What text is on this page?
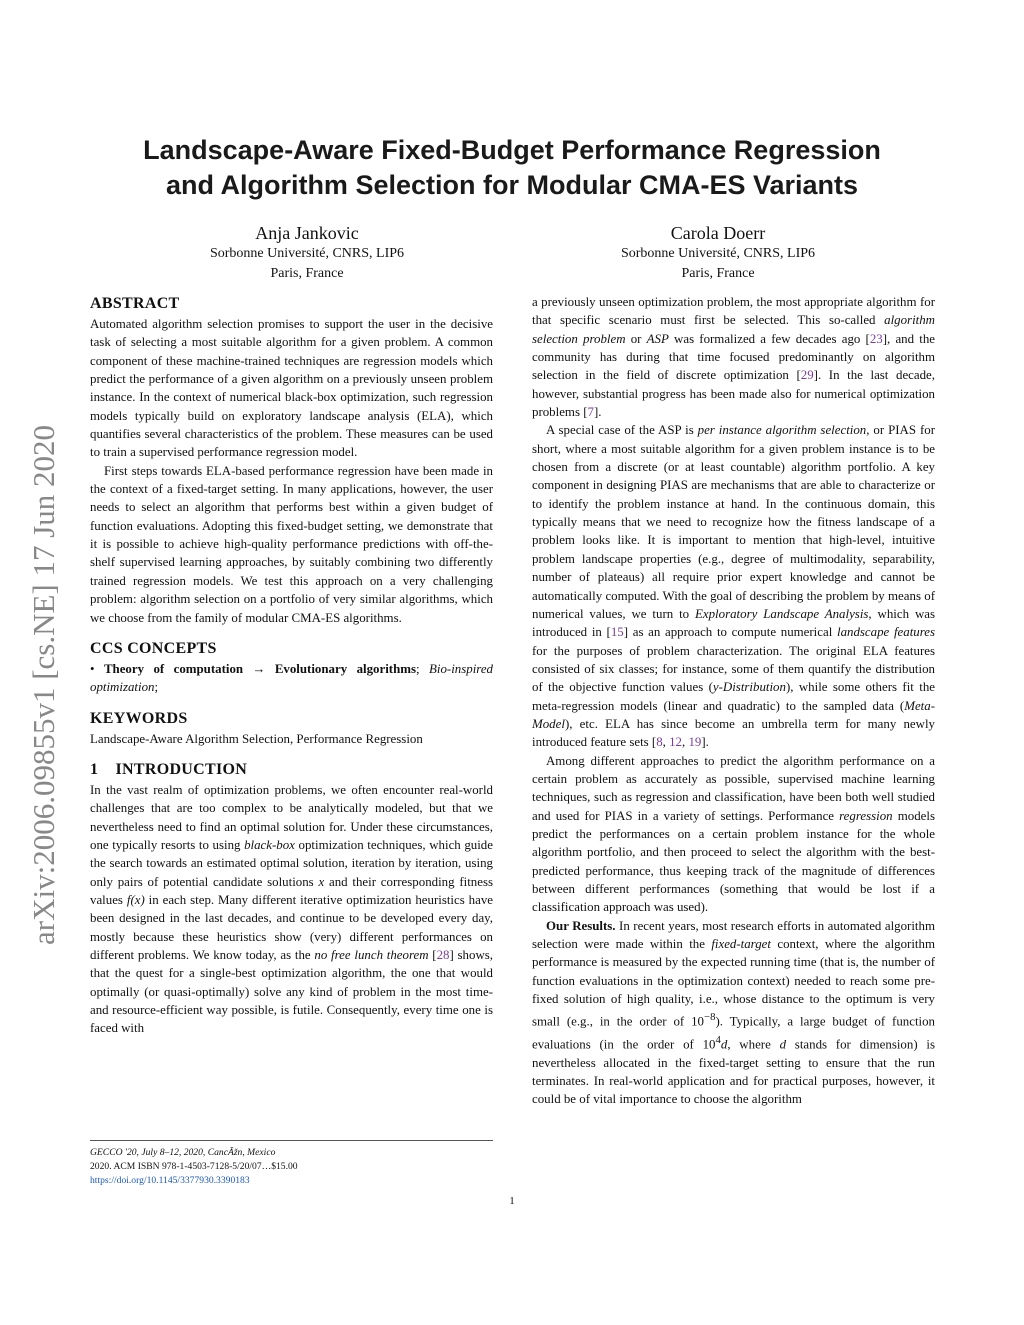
arXiv:2006.09855v1 [cs.NE] 17 Jun 2020
Landscape-Aware Fixed-Budget Performance Regression
and Algorithm Selection for Modular CMA-ES Variants
Anja Jankovic
Sorbonne Université, CNRS, LIP6
Paris, France
Carola Doerr
Sorbonne Université, CNRS, LIP6
Paris, France
ABSTRACT

Automated algorithm selection promises to support the user in the decisive task of selecting a most suitable algorithm for a given problem. A common component of these machine-trained techniques are regression models which predict the performance of a given algorithm on a previously unseen problem instance. In the context of numerical black-box optimization, such regression models typically build on exploratory landscape analysis (ELA), which quantifies several characteristics of the problem. These measures can be used to train a supervised performance regression model.

First steps towards ELA-based performance regression have been made in the context of a fixed-target setting. In many applications, however, the user needs to select an algorithm that performs best within a given budget of function evaluations. Adopting this fixed-budget setting, we demonstrate that it is possible to achieve high-quality performance predictions with off-the-shelf supervised learning approaches, by suitably combining two differently trained regression models. We test this approach on a very challenging problem: algorithm selection on a portfolio of very similar algorithms, which we choose from the family of modular CMA-ES algorithms.

CCS CONCEPTS

• Theory of computation → Evolutionary algorithms; Bio-inspired optimization;

KEYWORDS

Landscape-Aware Algorithm Selection, Performance Regression

1    INTRODUCTION

In the vast realm of optimization problems, we often encounter real-world challenges that are too complex to be analytically modeled, but that we nevertheless need to find an optimal solution for. Under these circumstances, one typically resorts to using black-box optimization techniques, which guide the search towards an estimated optimal solution, iteration by iteration, using only pairs of potential candidate solutions x and their corresponding fitness values f(x) in each step. Many different iterative optimization heuristics have been designed in the last decades, and continue to be developed every day, mostly because these heuristics show (very) different performances on different problems. We know today, as the no free lunch theorem [28] shows, that the quest for a single-best optimization algorithm, the one that would optimally (or quasi-optimally) solve any kind of problem in the most time- and resource-efficient way possible, is futile. Consequently, every time one is faced with

GECCO '20, July 8–12, 2020, CancÃžn, Mexico
2020. ACM ISBN 978-1-4503-7128-5/20/07…$15.00
https://doi.org/10.1145/3377930.3390183

a previously unseen optimization problem, the most appropriate algorithm for that specific scenario must first be selected. This so-called algorithm selection problem or ASP was formalized a few decades ago [23], and the community has during that time focused predominantly on algorithm selection in the field of discrete optimization [29]. In the last decade, however, substantial progress has been made also for numerical optimization problems [7].

A special case of the ASP is per instance algorithm selection, or PIAS for short, where a most suitable algorithm for a given problem instance is to be chosen from a discrete (or at least countable) algorithm portfolio. A key component in designing PIAS are mechanisms that are able to characterize or to identify the problem instance at hand. In the continuous domain, this typically means that we need to recognize how the fitness landscape of a problem looks like. It is important to mention that high-level, intuitive problem landscape properties (e.g., degree of multimodality, separability, number of plateaus) all require prior expert knowledge and cannot be automatically computed. With the goal of describing the problem by means of numerical values, we turn to Exploratory Landscape Analysis, which was introduced in [15] as an approach to compute numerical landscape features for the purposes of problem characterization. The original ELA features consisted of six classes; for instance, some of them quantify the distribution of the objective function values (y-Distribution), while some others fit the meta-regression models (linear and quadratic) to the sampled data (Meta-Model), etc. ELA has since become an umbrella term for many newly introduced feature sets [8, 12, 19].

Among different approaches to predict the algorithm performance on a certain problem as accurately as possible, supervised machine learning techniques, such as regression and classification, have been both well studied and used for PIAS in a variety of settings. Performance regression models predict the performances on a certain problem instance for the whole algorithm portfolio, and then proceed to select the algorithm with the best-predicted performance, thus keeping track of the magnitude of differences between different performances (something that would be lost if a classification approach was used).

Our Results. In recent years, most research efforts in automated algorithm selection were made within the fixed-target context, where the algorithm performance is measured by the expected running time (that is, the number of function evaluations in the optimization context) needed to reach some pre-fixed solution of high quality, i.e., whose distance to the optimum is very small (e.g., in the order of $10^{-8}$). Typically, a large budget of function evaluations (in the order of $10^4d$, where d stands for dimension) is nevertheless allocated in the fixed-target setting to ensure that the run terminates. In real-world application and for practical purposes, however, it could be of vital importance to choose the algorithm

1
